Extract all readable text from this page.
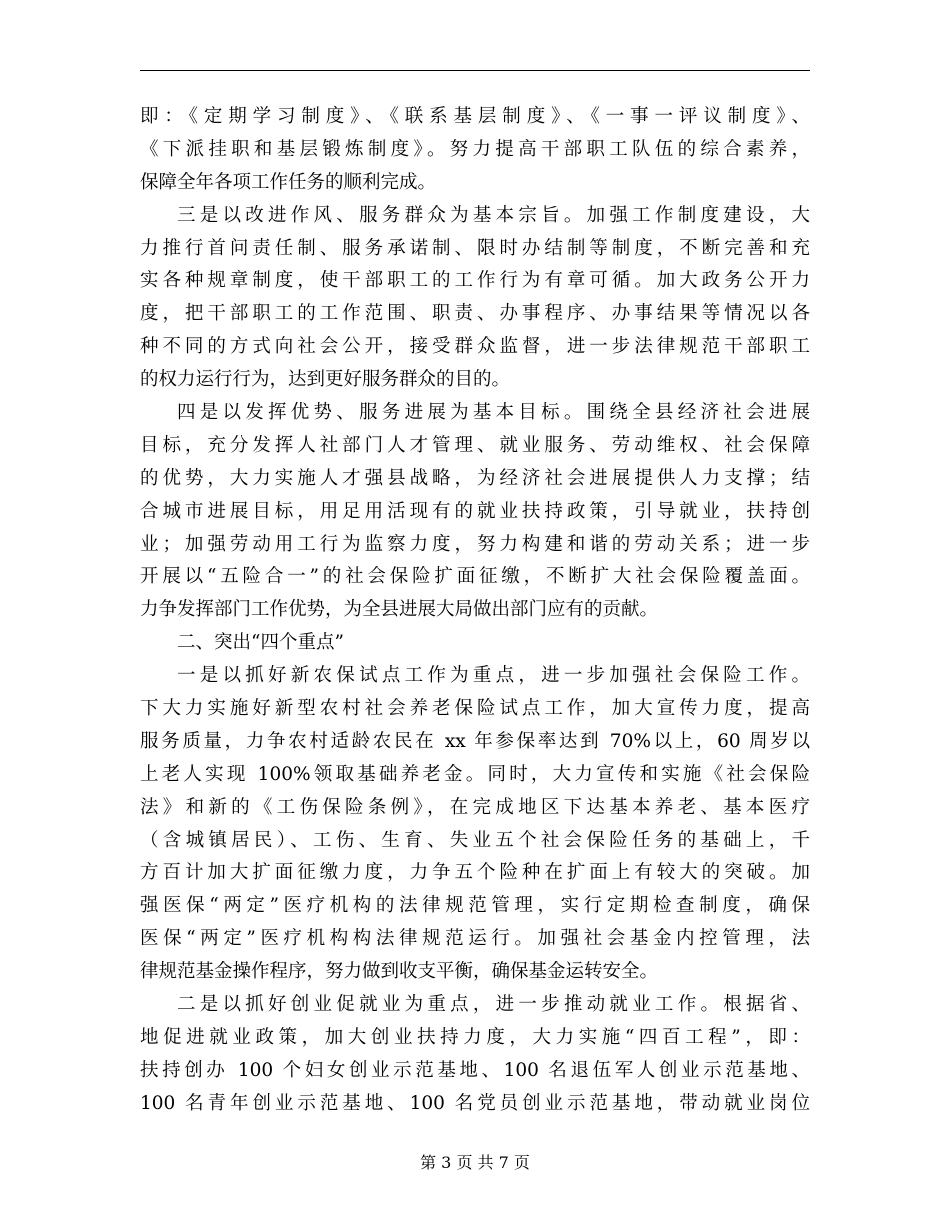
即：《定期学习制度》、《联系基层制度》、《一事一评议制度》、
《下派挂职和基层锻炼制度》。努力提高干部职工队伍的综合素养，
保障全年各项工作任务的顺利完成。
三是以改进作风、服务群众为基本宗旨。加强工作制度建设，大
力推行首问责任制、服务承诺制、限时办结制等制度，不断完善和充
实各种规章制度，使干部职工的工作行为有章可循。加大政务公开力
度，把干部职工的工作范围、职责、办事程序、办事结果等情况以各
种不同的方式向社会公开，接受群众监督，进一步法律规范干部职工
的权力运行行为，达到更好服务群众的目的。
四是以发挥优势、服务进展为基本目标。围绕全县经济社会进展
目标，充分发挥人社部门人才管理、就业服务、劳动维权、社会保障
的优势，大力实施人才强县战略，为经济社会进展提供人力支撑；结
合城市进展目标，用足用活现有的就业扶持政策，引导就业，扶持创
业；加强劳动用工行为监察力度，努力构建和谐的劳动关系；进一步
开展以“五险合一”的社会保险扩面征缴，不断扩大社会保险覆盖面。
力争发挥部门工作优势，为全县进展大局做出部门应有的贡献。
二、突出“四个重点”
一是以抓好新农保试点工作为重点，进一步加强社会保险工作。
下大力实施好新型农村社会养老保险试点工作，加大宣传力度，提高
服务质量，力争农村适龄农民在 xx 年参保率达到 70%以上，60 周岁以
上老人实现 100%领取基础养老金。同时，大力宣传和实施《社会保险
法》和新的《工伤保险条例》，在完成地区下达基本养老、基本医疗
（含城镇居民）、工伤、生育、失业五个社会保险任务的基础上，千
方百计加大扩面征缴力度，力争五个险种在扩面上有较大的突破。加
强医保“两定”医疗机构的法律规范管理，实行定期检查制度，确保
医保“两定”医疗机构构法律规范运行。加强社会基金内控管理，法
律规范基金操作程序，努力做到收支平衡，确保基金运转安全。
二是以抓好创业促就业为重点，进一步推动就业工作。根据省、
地促进就业政策，加大创业扶持力度，大力实施“四百工程”，即：
扶持创办 100 个妇女创业示范基地、100 名退伍军人创业示范基地、
100 名青年创业示范基地、100 名党员创业示范基地，带动就业岗位
第 3 页 共 7 页
